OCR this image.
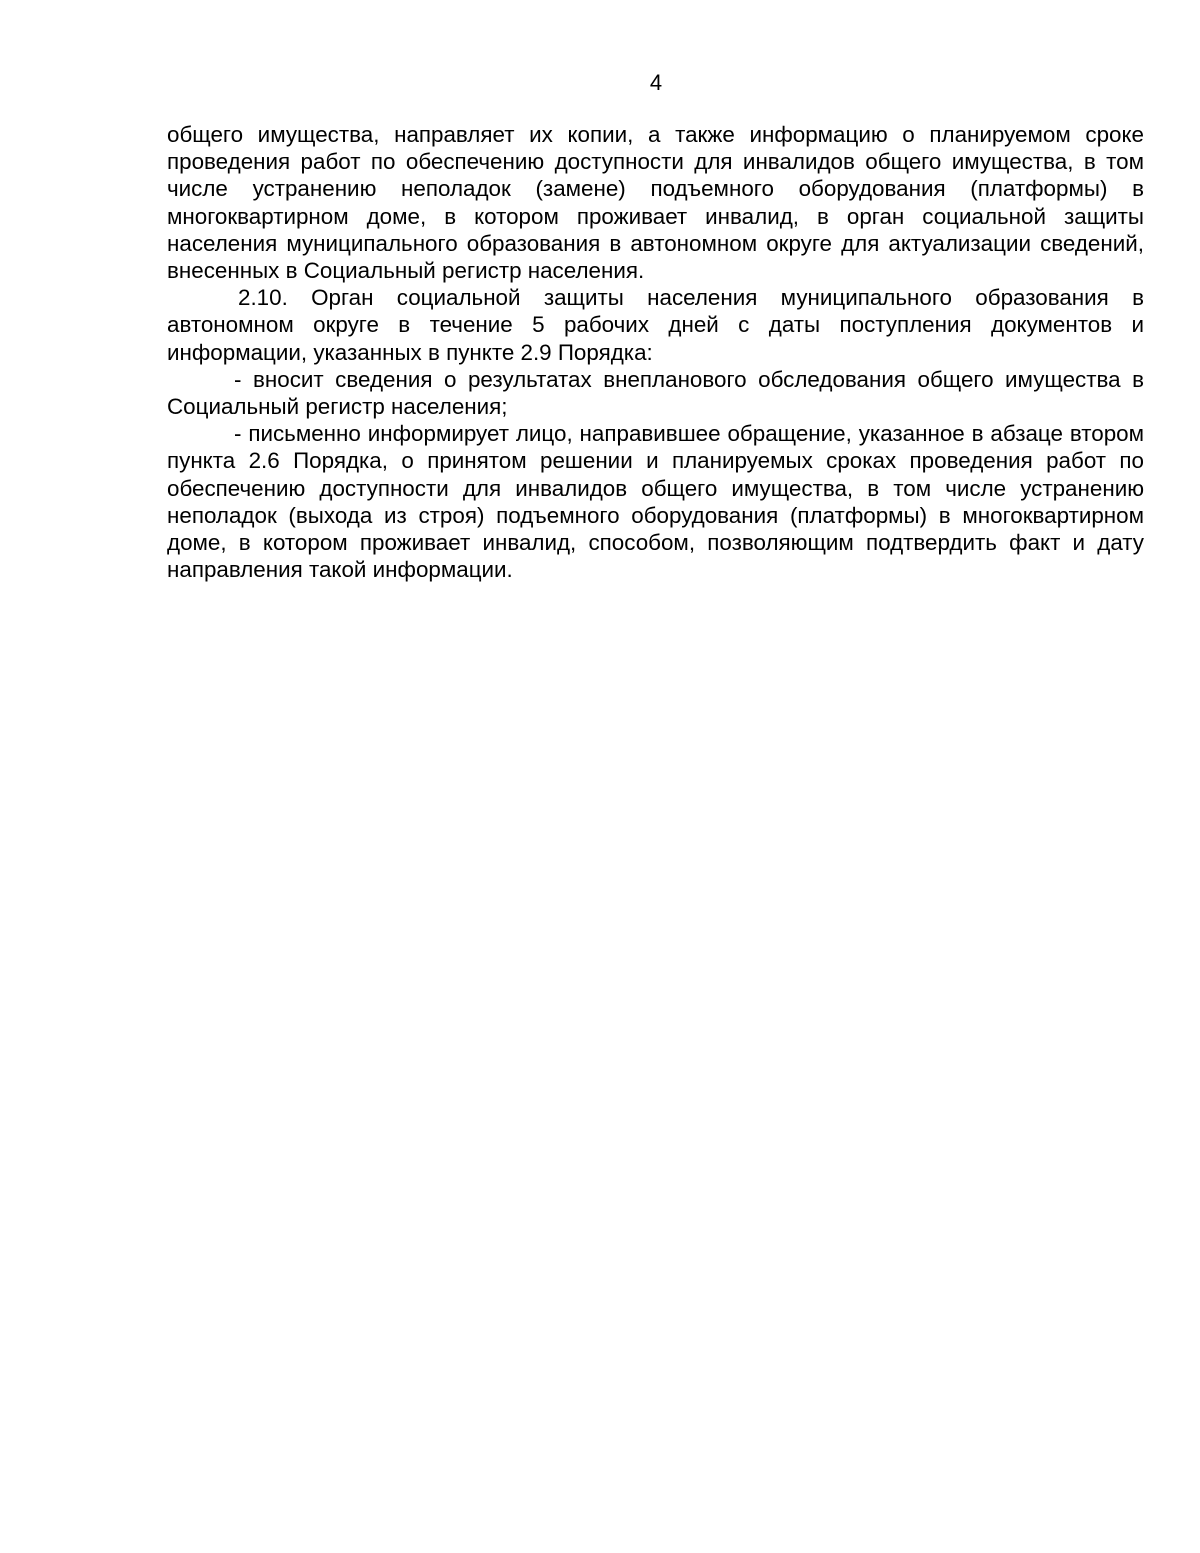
4

общего имущества, направляет их копии, а также информацию о планируемом сроке проведения работ по обеспечению доступности для инвалидов общего имущества, в том числе устранению неполадок (замене) подъемного оборудования (платформы) в многоквартирном доме, в котором проживает инвалид, в орган социальной защиты населения муниципального образования в автономном округе для актуализации сведений, внесенных в Социальный регистр населения.

2.10. Орган социальной защиты населения муниципального образования в автономном округе в течение 5 рабочих дней с даты поступления документов и информации, указанных в пункте 2.9 Порядка:

- вносит сведения о результатах внепланового обследования общего имущества в Социальный регистр населения;

- письменно информирует лицо, направившее обращение, указанное в абзаце втором пункта 2.6 Порядка, о принятом решении и планируемых сроках проведения работ по обеспечению доступности для инвалидов общего имущества, в том числе устранению неполадок (выхода из строя) подъемного оборудования (платформы) в многоквартирном доме, в котором проживает инвалид, способом, позволяющим подтвердить факт и дату направления такой информации.
